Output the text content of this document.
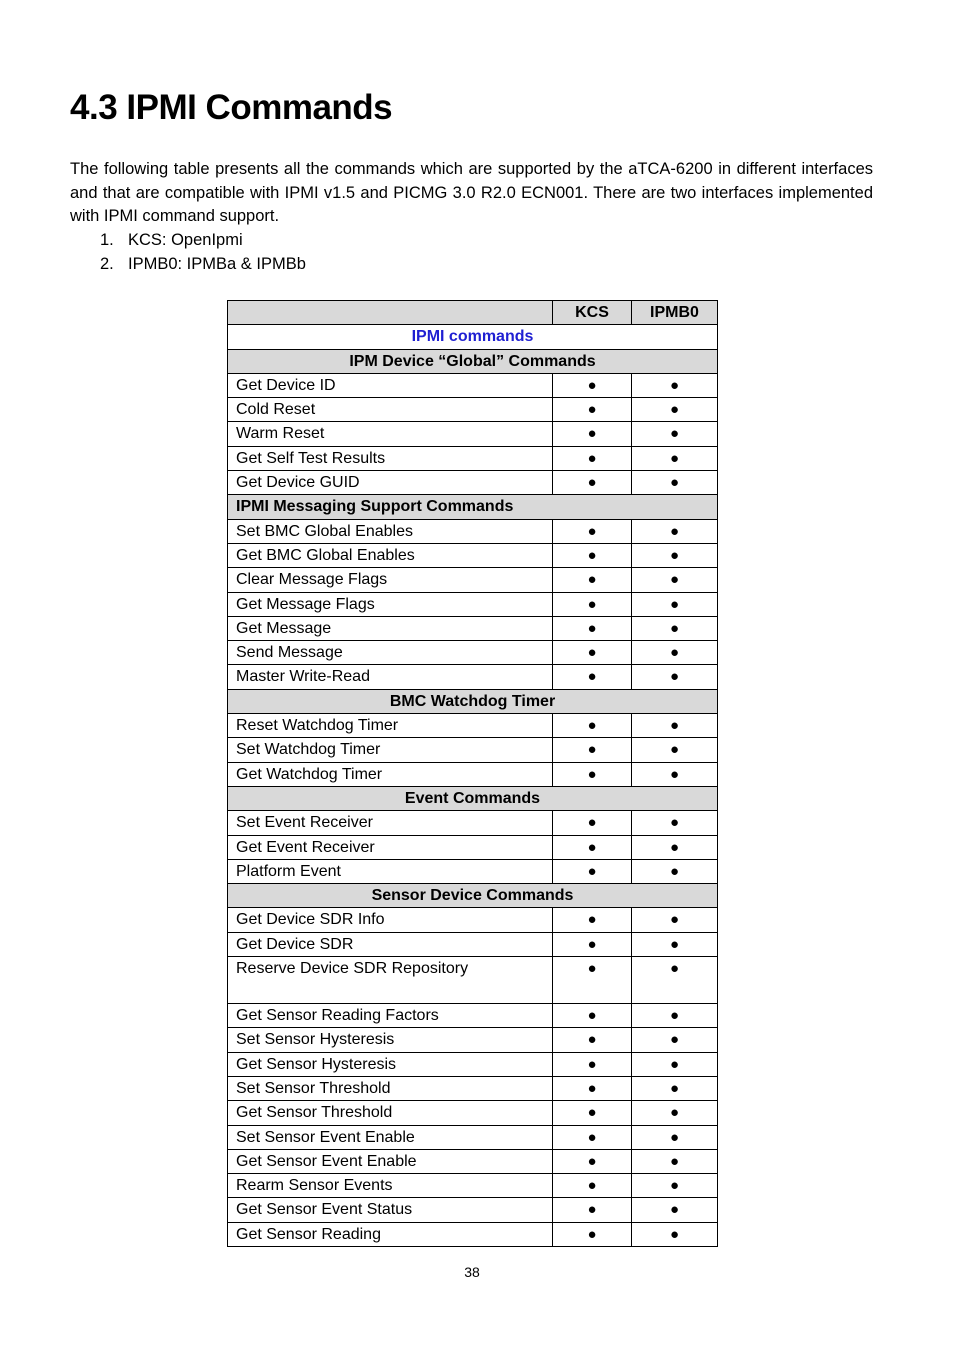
4.3 IPMI Commands

The following table presents all the commands which are supported by the aTCA-6200 in different interfaces and that are compatible with IPMI v1.5 and PICMG 3.0 R2.0 ECN001. There are two interfaces implemented with IPMI command support.

1. KCS: OpenIpmi
2. IPMB0: IPMBa & IPMBb
	KCS	IPMB0
IPMI commands		
IPM Device “Global” Commands		
Get Device ID	●	●
Cold Reset	●	●
Warm Reset	●	●
Get Self Test Results	●	●
Get Device GUID	●	●
IPMI Messaging Support Commands		
Set BMC Global Enables	●	●
Get BMC Global Enables	●	●
Clear Message Flags	●	●
Get Message Flags	●	●
Get Message	●	●
Send Message	●	●
Master Write-Read	●	●
BMC Watchdog Timer		
Reset Watchdog Timer	●	●
Set Watchdog Timer	●	●
Get Watchdog Timer	●	●
Event Commands		
Set Event Receiver	●	●
Get Event Receiver	●	●
Platform Event	●	●
Sensor Device Commands		
Get Device SDR Info	●	●
Get Device SDR	●	●
Reserve Device SDR Repository	●	●
Get Sensor Reading Factors	●	●
Set Sensor Hysteresis	●	●
Get Sensor Hysteresis	●	●
Set Sensor Threshold	●	●
Get Sensor Threshold	●	●
Set Sensor Event Enable	●	●
Get Sensor Event Enable	●	●
Rearm Sensor Events	●	●
Get Sensor Event Status	●	●
Get Sensor Reading	●	●
38
